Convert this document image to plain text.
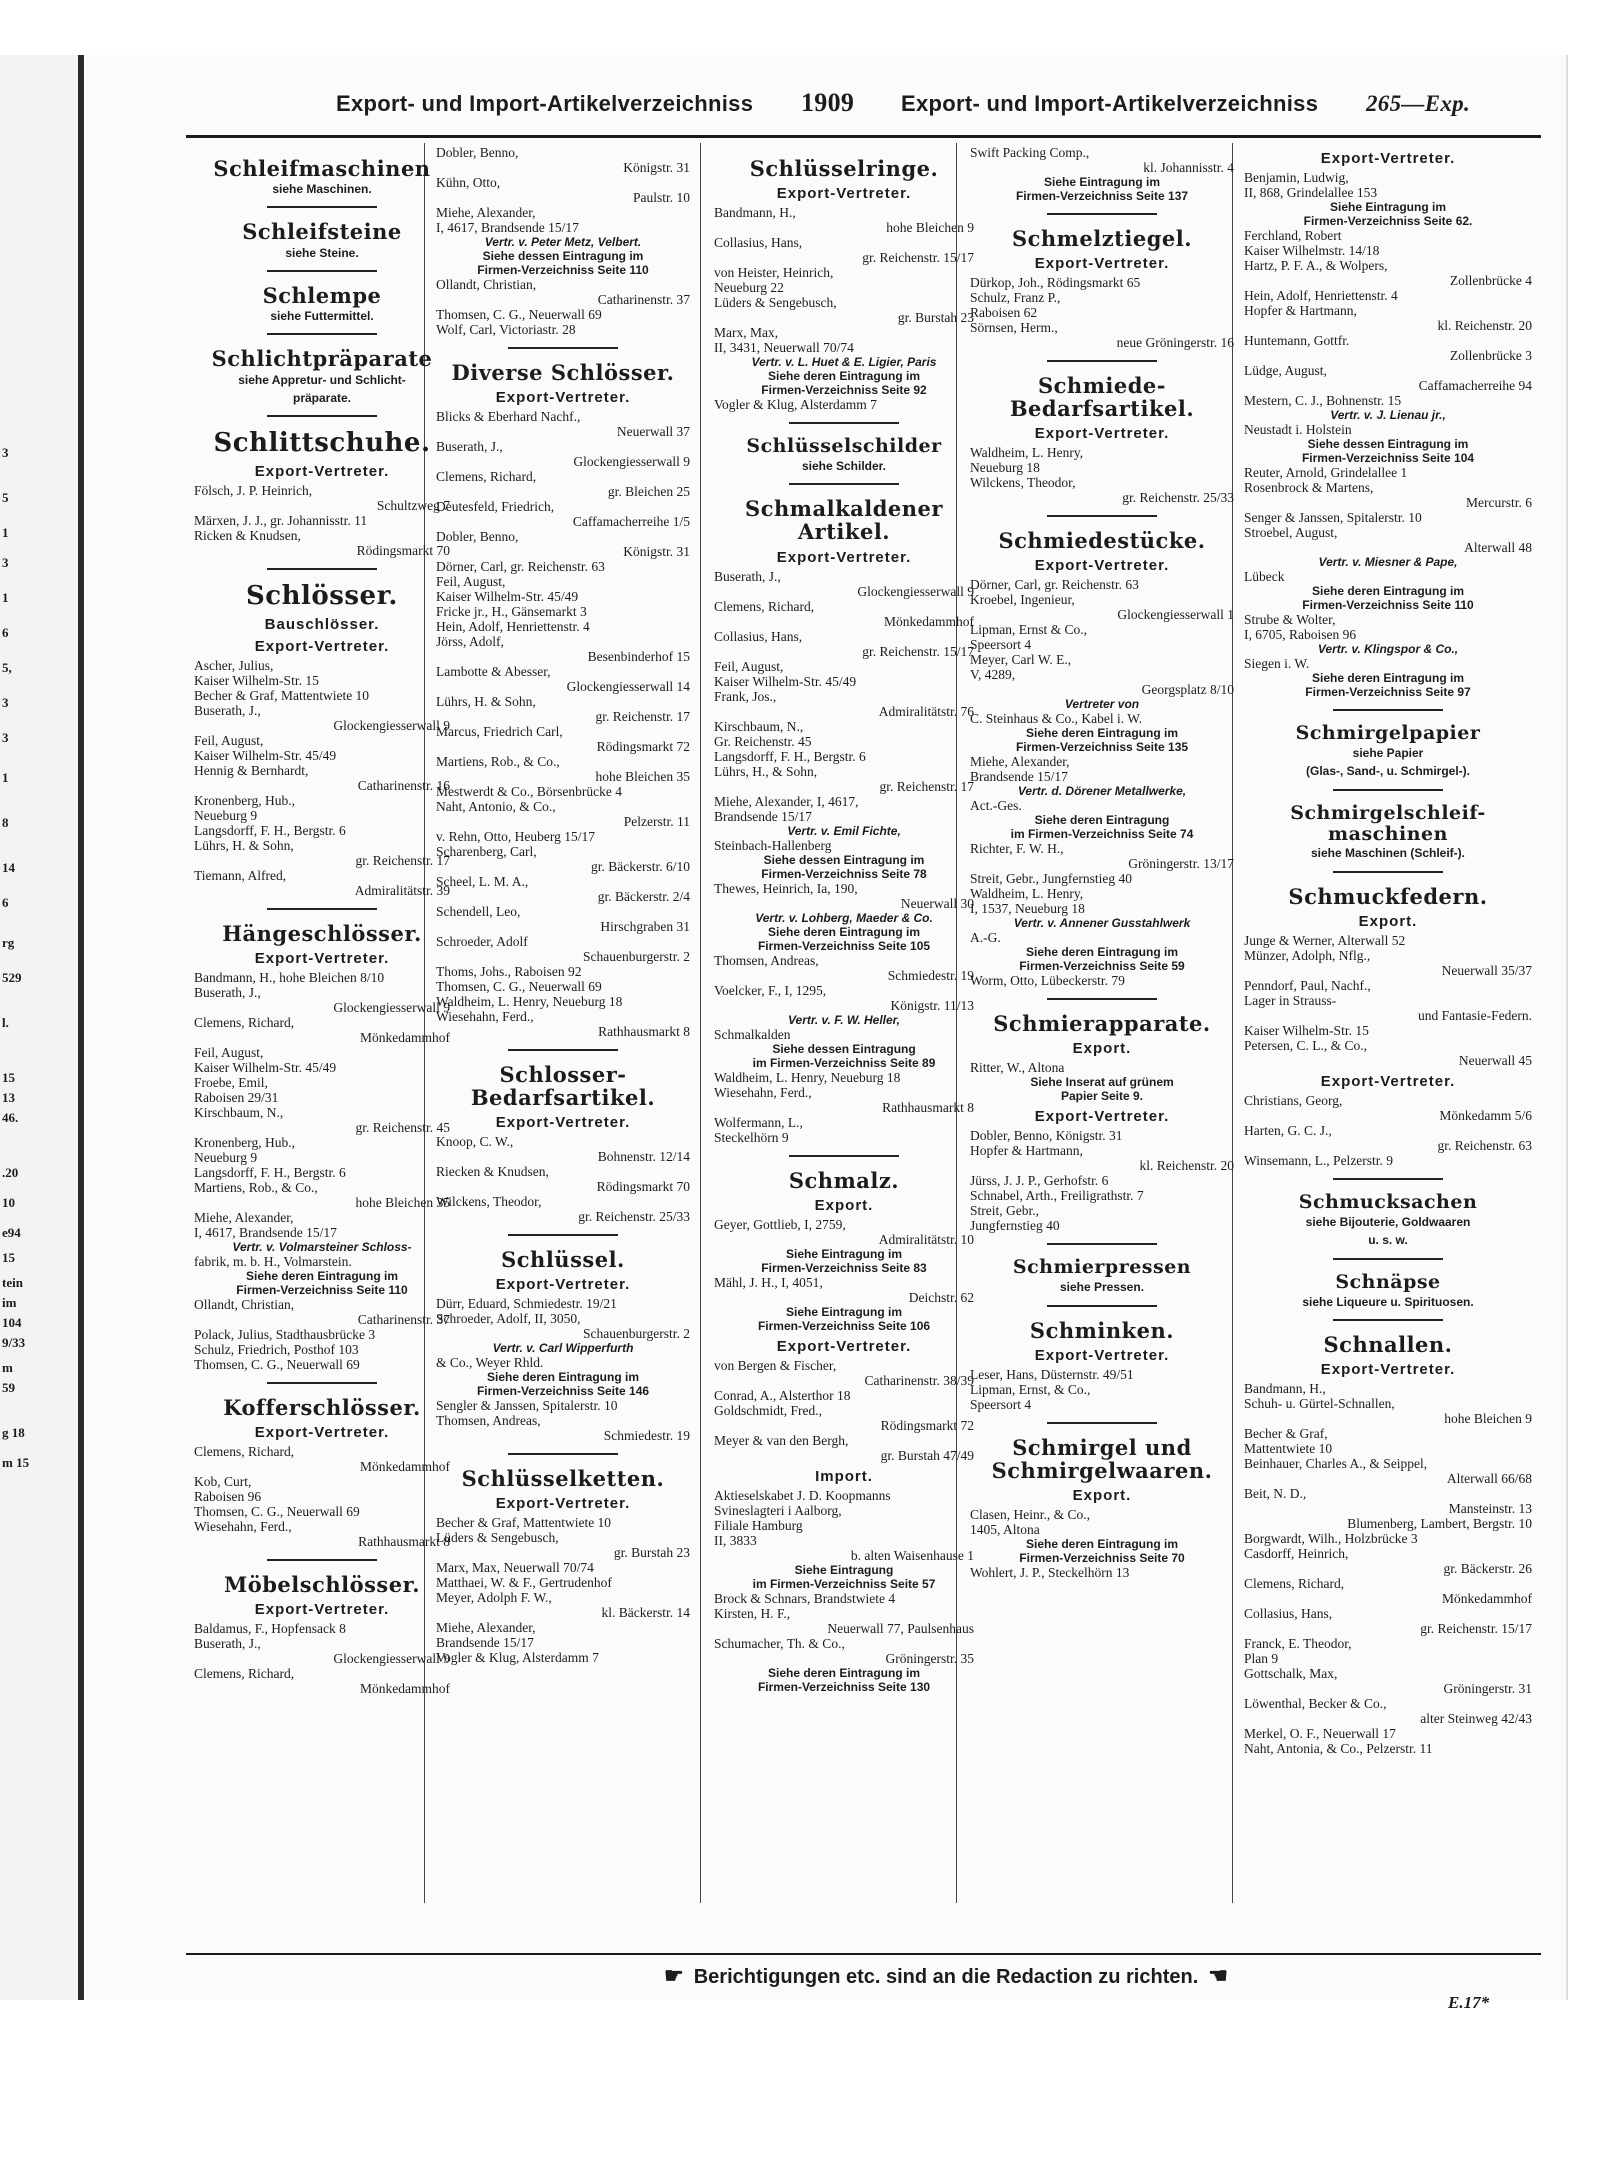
3
5
1
3
1
6
5,
3
3
1
8
14
6
rg
529
l.
15
13
46.
.20
10
e94
15
tein
im
104
9/33
m
59
g 18
m 15
Export- und Import-Artikelverzeichniss 1909 Export- und Import-Artikelverzeichniss 265—Exp.
Schleifmaschinen
siehe Maschinen.
Schleifsteine
siehe Steine.
Schlempe
siehe Futtermittel.
Schlichtpräparate
siehe Appretur- und Schlicht-
präparate.
Schlittschuhe.
Export-Vertreter.
Fölsch, J. P. Heinrich,
Schultzweg 7
Märxen, J. J., gr. Johannisstr. 11
Ricken & Knudsen,
Rödingsmarkt 70
Schlösser.
Bauschlösser.
Export-Vertreter.
Ascher, Julius,
Kaiser Wilhelm-Str. 15
Becher & Graf, Mattentwiete 10
Buserath, J.,
Glockengiesserwall 9
Feil, August,
Kaiser Wilhelm-Str. 45/49
Hennig & Bernhardt,
Catharinenstr. 16
Kronenberg, Hub.,
Neueburg 9
Langsdorff, F. H., Bergstr. 6
Lührs, H. & Sohn,
gr. Reichenstr. 17
Tiemann, Alfred,
Admiralitätstr. 39
Hängeschlösser.
Export-Vertreter.
Bandmann, H., hohe Bleichen 8/10
Buserath, J.,
Glockengiesserwall 9
Clemens, Richard,
Mönkedammhof
Feil, August,
Kaiser Wilhelm-Str. 45/49
Froebe, Emil,
Raboisen 29/31
Kirschbaum, N.,
gr. Reichenstr. 45
Kronenberg, Hub.,
Neueburg 9
Langsdorff, F. H., Bergstr. 6
Martiens, Rob., & Co.,
hohe Bleichen 35
Miehe, Alexander,
I, 4617, Brandsende 15/17
Vertr. v. Volmarsteiner Schloss-
fabrik, m. b. H., Volmarstein.
Siehe deren Eintragung im
Firmen-Verzeichniss Seite 110
Ollandt, Christian,
Catharinenstr. 37
Polack, Julius, Stadthausbrücke 3
Schulz, Friedrich, Posthof 103
Thomsen, C. G., Neuerwall 69
Kofferschlösser.
Export-Vertreter.
Clemens, Richard,
Mönkedammhof
Kob, Curt,
Raboisen 96
Thomsen, C. G., Neuerwall 69
Wiesehahn, Ferd.,
Rathhausmarkt 8
Möbelschlösser.
Export-Vertreter.
Baldamus, F., Hopfensack 8
Buserath, J.,
Glockengiesserwall 9
Clemens, Richard,
Mönkedammhof
Dobler, Benno,
Königstr. 31
Kühn, Otto,
Paulstr. 10
Miehe, Alexander,
I, 4617, Brandsende 15/17
Vertr. v. Peter Metz, Velbert.
Siehe dessen Eintragung im
Firmen-Verzeichniss Seite 110
Ollandt, Christian,
Catharinenstr. 37
Thomsen, C. G., Neuerwall 69
Wolf, Carl, Victoriastr. 28
Diverse Schlösser.
Export-Vertreter.
Blicks & Eberhard Nachf.,
Neuerwall 37
Buserath, J.,
Glockengiesserwall 9
Clemens, Richard,
gr. Bleichen 25
Deutesfeld, Friedrich,
Caffamacherreihe 1/5
Dobler, Benno,
Königstr. 31
Dörner, Carl, gr. Reichenstr. 63
Feil, August,
Kaiser Wilhelm-Str. 45/49
Fricke jr., H., Gänsemarkt 3
Hein, Adolf, Henriettenstr. 4
Jörss, Adolf,
Besenbinderhof 15
Lambotte & Abesser,
Glockengiesserwall 14
Lührs, H. & Sohn,
gr. Reichenstr. 17
Marcus, Friedrich Carl,
Rödingsmarkt 72
Martiens, Rob., & Co.,
hohe Bleichen 35
Mestwerdt & Co., Börsenbrücke 4
Naht, Antonio, & Co.,
Pelzerstr. 11
v. Rehn, Otto, Heuberg 15/17
Scharenberg, Carl,
gr. Bäckerstr. 6/10
Scheel, L. M. A.,
gr. Bäckerstr. 2/4
Schendell, Leo,
Hirschgraben 31
Schroeder, Adolf
Schauenburgerstr. 2
Thoms, Johs., Raboisen 92
Thomsen, C. G., Neuerwall 69
Waldheim, L. Henry, Neueburg 18
Wiesehahn, Ferd.,
Rathhausmarkt 8
Schlosser-Bedarfsartikel.
Export-Vertreter.
Knoop, C. W.,
Bohnenstr. 12/14
Riecken & Knudsen,
Rödingsmarkt 70
Wilckens, Theodor,
gr. Reichenstr. 25/33
Schlüssel.
Export-Vertreter.
Dürr, Eduard, Schmiedestr. 19/21
Schroeder, Adolf, II, 3050,
Schauenburgerstr. 2
Vertr. v. Carl Wipperfurth
& Co., Weyer Rhld.
Siehe deren Eintragung im
Firmen-Verzeichniss Seite 146
Sengler & Janssen, Spitalerstr. 10
Thomsen, Andreas,
Schmiedestr. 19
Schlüsselketten.
Export-Vertreter.
Becher & Graf, Mattentwiete 10
Lüders & Sengebusch,
gr. Burstah 23
Marx, Max, Neuerwall 70/74
Matthaei, W. & F., Gertrudenhof
Meyer, Adolph F. W.,
kl. Bäckerstr. 14
Miehe, Alexander,
Brandsende 15/17
Vogler & Klug, Alsterdamm 7
Schlüsselringe.
Export-Vertreter.
Bandmann, H.,
hohe Bleichen 9
Collasius, Hans,
gr. Reichenstr. 15/17
von Heister, Heinrich,
Neueburg 22
Lüders & Sengebusch,
gr. Burstah 23
Marx, Max,
II, 3431, Neuerwall 70/74
Vertr. v. L. Huet & E. Ligier, Paris
Siehe deren Eintragung im
Firmen-Verzeichniss Seite 92
Vogler & Klug, Alsterdamm 7
Schlüsselschilder
siehe Schilder.
Schmalkaldener Artikel.
Export-Vertreter.
Buserath, J.,
Glockengiesserwall 9
Clemens, Richard,
Mönkedammhof
Collasius, Hans,
gr. Reichenstr. 15/17
Feil, August,
Kaiser Wilhelm-Str. 45/49
Frank, Jos.,
Admiralitätstr. 76
Kirschbaum, N.,
Gr. Reichenstr. 45
Langsdorff, F. H., Bergstr. 6
Lührs, H., & Sohn,
gr. Reichenstr. 17
Miehe, Alexander, I, 4617,
Brandsende 15/17
Vertr. v. Emil Fichte,
Steinbach-Hallenberg
Siehe dessen Eintragung im
Firmen-Verzeichniss Seite 78
Thewes, Heinrich, Ia, 190,
Neuerwall 30
Vertr. v. Lohberg, Maeder & Co.
Siehe deren Eintragung im
Firmen-Verzeichniss Seite 105
Thomsen, Andreas,
Schmiedestr. 19
Voelcker, F., I, 1295,
Königstr. 11/13
Vertr. v. F. W. Heller,
Schmalkalden
Siehe dessen Eintragung
im Firmen-Verzeichniss Seite 89
Waldheim, L. Henry, Neueburg 18
Wiesehahn, Ferd.,
Rathhausmarkt 8
Wolfermann, L.,
Steckelhörn 9
Schmalz.
Export.
Geyer, Gottlieb, I, 2759,
Admiralitätstr. 10
Siehe Eintragung im
Firmen-Verzeichniss Seite 83
Mähl, J. H., I, 4051,
Deichstr. 62
Siehe Eintragung im
Firmen-Verzeichniss Seite 106
Export-Vertreter.
von Bergen & Fischer,
Catharinenstr. 38/39
Conrad, A., Alsterthor 18
Goldschmidt, Fred.,
Rödingsmarkt 72
Meyer & van den Bergh,
gr. Burstah 47/49
Import.
Aktieselskabet J. D. Koopmanns
Svineslagteri i Aalborg,
Filiale Hamburg
II, 3833
b. alten Waisenhause 1
Siehe Eintragung
im Firmen-Verzeichniss Seite 57
Brock & Schnars, Brandstwiete 4
Kirsten, H. F.,
Neuerwall 77, Paulsenhaus
Schumacher, Th. & Co.,
Gröningerstr. 35
Siehe deren Eintragung im
Firmen-Verzeichniss Seite 130
Swift Packing Comp.,
kl. Johannisstr. 4
Siehe Eintragung im
Firmen-Verzeichniss Seite 137
Schmelztiegel.
Export-Vertreter.
Dürkop, Joh., Rödingsmarkt 65
Schulz, Franz P.,
Raboisen 62
Sörnsen, Herm.,
neue Gröningerstr. 16
Schmiede-Bedarfsartikel.
Export-Vertreter.
Waldheim, L. Henry,
Neueburg 18
Wilckens, Theodor,
gr. Reichenstr. 25/33
Schmiedestücke.
Export-Vertreter.
Dörner, Carl, gr. Reichenstr. 63
Kroebel, Ingenieur,
Glockengiesserwall 1
Lipman, Ernst & Co.,
Speersort 4
Meyer, Carl W. E.,
V, 4289,
Georgsplatz 8/10
Vertreter von
C. Steinhaus & Co., Kabel i. W.
Siehe deren Eintragung im
Firmen-Verzeichniss Seite 135
Miehe, Alexander,
Brandsende 15/17
Vertr. d. Dörener Metallwerke,
Act.-Ges.
Siehe deren Eintragung
im Firmen-Verzeichniss Seite 74
Richter, F. W. H.,
Gröningerstr. 13/17
Streit, Gebr., Jungfernstieg 40
Waldheim, L. Henry,
I, 1537, Neueburg 18
Vertr. v. Annener Gusstahlwerk
A.-G.
Siehe deren Eintragung im
Firmen-Verzeichniss Seite 59
Worm, Otto, Lübeckerstr. 79
Schmierapparate.
Export.
Ritter, W., Altona
Siehe Inserat auf grünem
Papier Seite 9.
Export-Vertreter.
Dobler, Benno, Königstr. 31
Hopfer & Hartmann,
kl. Reichenstr. 20
Jürss, J. J. P., Gerhofstr. 6
Schnabel, Arth., Freiligrathstr. 7
Streit, Gebr.,
Jungfernstieg 40
Schmierpressen
siehe Pressen.
Schminken.
Export-Vertreter.
Leser, Hans, Düsternstr. 49/51
Lipman, Ernst, & Co.,
Speersort 4
Schmirgel und Schmirgelwaaren.
Export.
Clasen, Heinr., & Co.,
1405, Altona
Siehe deren Eintragung im
Firmen-Verzeichniss Seite 70
Wohlert, J. P., Steckelhörn 13
Export-Vertreter.
Benjamin, Ludwig,
II, 868, Grindelallee 153
Siehe Eintragung im
Firmen-Verzeichniss Seite 62.
Ferchland, Robert
Kaiser Wilhelmstr. 14/18
Hartz, P. F. A., & Wolpers,
Zollenbrücke 4
Hein, Adolf, Henriettenstr. 4
Hopfer & Hartmann,
kl. Reichenstr. 20
Huntemann, Gottfr.
Zollenbrücke 3
Lüdge, August,
Caffamacherreihe 94
Mestern, C. J., Bohnenstr. 15
Vertr. v. J. Lienau jr.,
Neustadt i. Holstein
Siehe dessen Eintragung im
Firmen-Verzeichniss Seite 104
Reuter, Arnold, Grindelallee 1
Rosenbrock & Martens,
Mercurstr. 6
Senger & Janssen, Spitalerstr. 10
Stroebel, August,
Alterwall 48
Vertr. v. Miesner & Pape,
Lübeck
Siehe deren Eintragung im
Firmen-Verzeichniss Seite 110
Strube & Wolter,
I, 6705, Raboisen 96
Vertr. v. Klingspor & Co.,
Siegen i. W.
Siehe deren Eintragung im
Firmen-Verzeichniss Seite 97
Schmirgelpapier
siehe Papier
(Glas-, Sand-, u. Schmirgel-).
Schmirgelschleif-maschinen
siehe Maschinen (Schleif-).
Schmuckfedern.
Export.
Junge & Werner, Alterwall 52
Münzer, Adolph, Nflg.,
Neuerwall 35/37
Penndorf, Paul, Nachf.,
Lager in Strauss-
und Fantasie-Federn.
Kaiser Wilhelm-Str. 15
Petersen, C. L., & Co.,
Neuerwall 45
Export-Vertreter.
Christians, Georg,
Mönkedamm 5/6
Harten, G. C. J.,
gr. Reichenstr. 63
Winsemann, L., Pelzerstr. 9
Schmucksachen
siehe Bijouterie, Goldwaaren
u. s. w.
Schnäpse
siehe Liqueure u. Spirituosen.
Schnallen.
Export-Vertreter.
Bandmann, H.,
Schuh- u. Gürtel-Schnallen,
hohe Bleichen 9
Becher & Graf,
Mattentwiete 10
Beinhauer, Charles A., & Seippel,
Alterwall 66/68
Beit, N. D.,
Mansteinstr. 13
Blumenberg, Lambert, Bergstr. 10
Borgwardt, Wilh., Holzbrücke 3
Casdorff, Heinrich,
gr. Bäckerstr. 26
Clemens, Richard,
Mönkedammhof
Collasius, Hans,
gr. Reichenstr. 15/17
Franck, E. Theodor,
Plan 9
Gottschalk, Max,
Gröningerstr. 31
Löwenthal, Becker & Co.,
alter Steinweg 42/43
Merkel, O. F., Neuerwall 17
Naht, Antonia, & Co., Pelzerstr. 11
☛ Berichtigungen etc. sind an die Redaction zu richten. ☚
E.17*
